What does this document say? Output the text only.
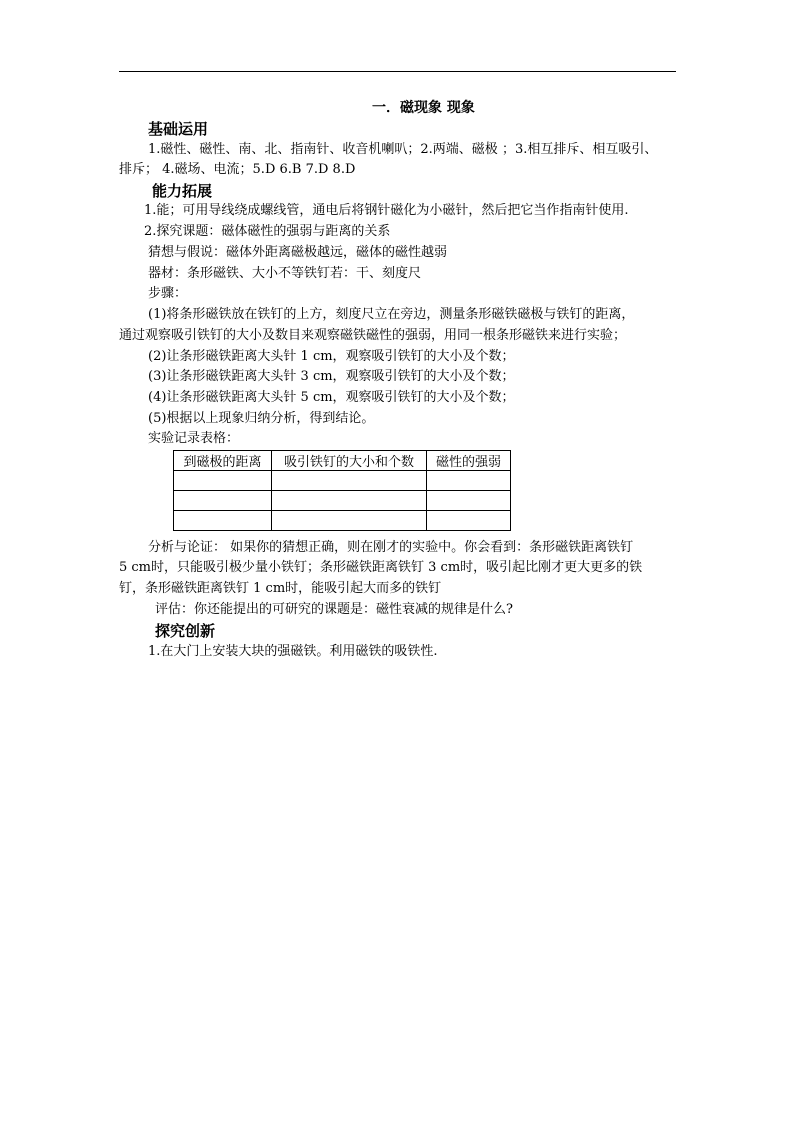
一．磁现象 现象
基础运用
1.磁性、磁性、南、北、指南针、收音机喇叭；2.两端、磁极 ；3.相互排斥、相互吸引、
排斥； 4.磁场、电流；5.D 6.B 7.D 8.D
能力拓展
1.能；可用导线绕成螺线管，通电后将钢针磁化为小磁针，然后把它当作指南针使用.
2.探究课题：磁体磁性的强弱与距离的关系
猜想与假说：磁体外距离磁极越远，磁体的磁性越弱
器材：条形磁铁、大小不等铁钉若：干、刻度尺
步骤：
(1)将条形磁铁放在铁钉的上方，刻度尺立在旁边，测量条形磁铁磁极与铁钉的距离，
通过观察吸引铁钉的大小及数目来观察磁铁磁性的强弱，用同一根条形磁铁来进行实验；
(2)让条形磁铁距离大头针 1 cm，观察吸引铁钉的大小及个数；
(3)让条形磁铁距离大头针 3 cm，观察吸引铁钉的大小及个数；
(4)让条形磁铁距离大头针 5 cm，观察吸引铁钉的大小及个数；
(5)根据以上现象归纳分析，得到结论。
实验记录表格：
到磁极的距离	吸引铁钉的大小和个数	磁性的强弱

分析与论证： 如果你的猜想正确，则在刚才的实验中。你会看到：条形磁铁距离铁钉
5 cm时，只能吸引极少量小铁钉；条形磁铁距离铁钉 3 cm时，吸引起比刚才更大更多的铁
钉，条形磁铁距离铁钉 1 cm时，能吸引起大而多的铁钉
评估：你还能提出的可研究的课题是：磁性衰减的规律是什么?
探究创新
1.在大门上安装大块的强磁铁。利用磁铁的吸铁性.
